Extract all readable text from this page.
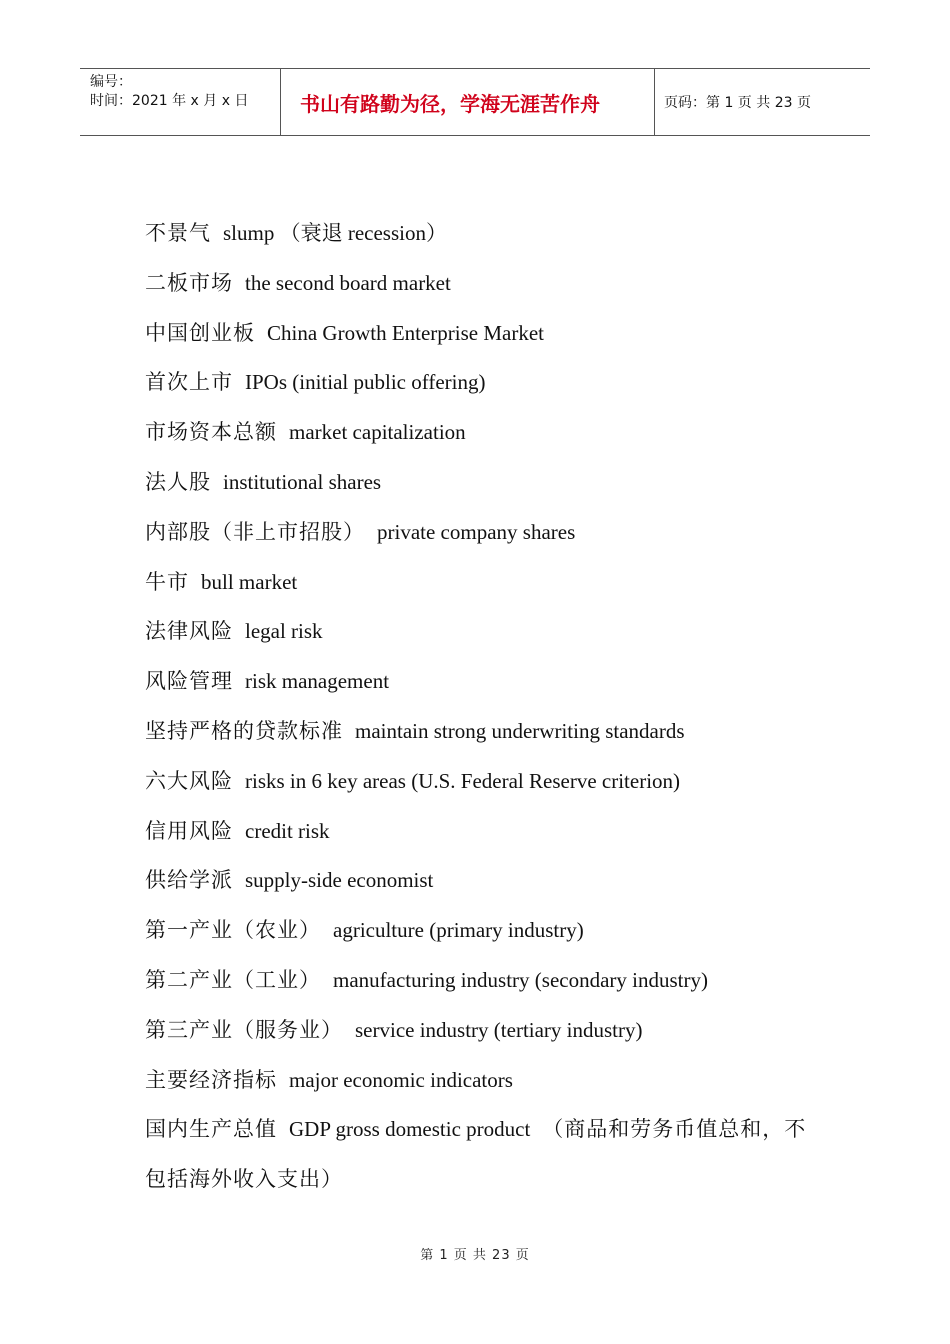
编号：
时间：2021 年 x 月 x 日	书山有路勤为径，学海无涯苦作舟	页码：第 1 页 共 23 页
不景气 slump （衰退 recession）
二板市场 the second board market
中国创业板 China Growth Enterprise Market
首次上市 IPOs (initial public offering)
市场资本总额 market capitalization
法人股 institutional shares
内部股（非上市招股） private company shares
牛市 bull market
法律风险 legal risk
风险管理 risk management
坚持严格的贷款标准 maintain strong underwriting standards
六大风险 risks in 6 key areas (U.S. Federal Reserve criterion)
信用风险 credit risk
供给学派 supply-side economist
第一产业（农业） agriculture (primary industry)
第二产业（工业） manufacturing industry (secondary industry)
第三产业（服务业） service industry (tertiary industry)
主要经济指标 major economic indicators
国内生产总值 GDP gross domestic product （商品和劳务币值总和，不包括海外收入支出）
第 1 页 共 23 页
